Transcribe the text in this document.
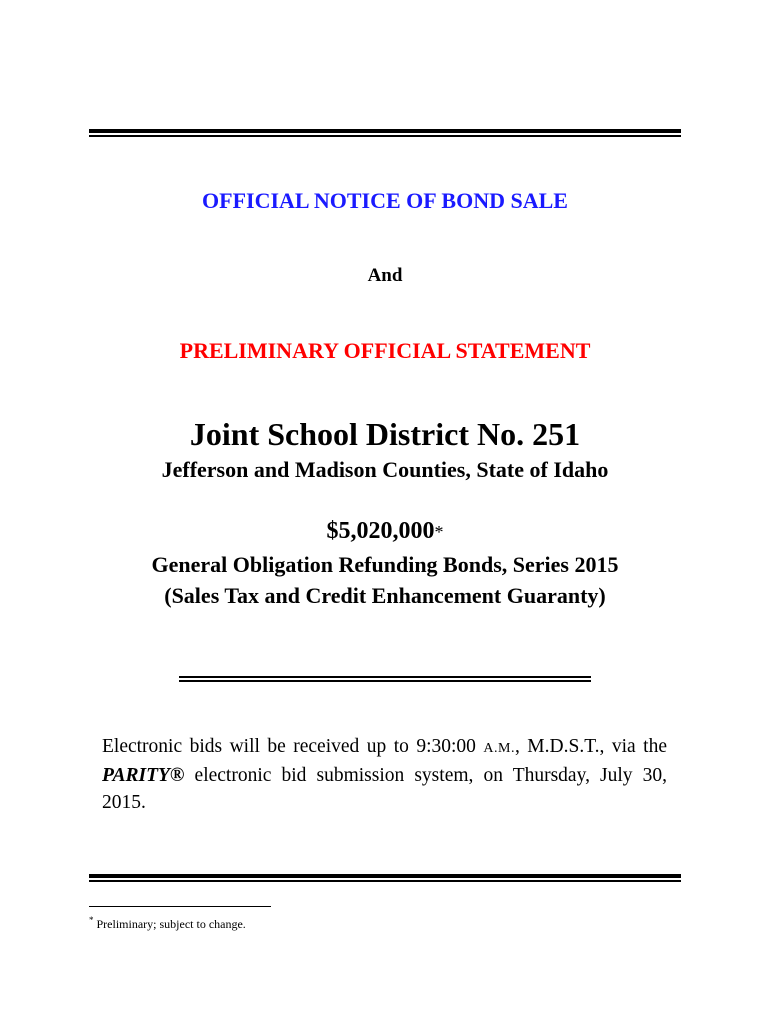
OFFICIAL NOTICE OF BOND SALE
And
PRELIMINARY OFFICIAL STATEMENT
Joint School District No. 251
Jefferson and Madison Counties, State of Idaho
$5,020,000*
General Obligation Refunding Bonds, Series 2015
(Sales Tax and Credit Enhancement Guaranty)
Electronic bids will be received up to 9:30:00 A.M., M.D.S.T., via the PARITY® electronic bid submission system, on Thursday, July 30, 2015.
* Preliminary; subject to change.
